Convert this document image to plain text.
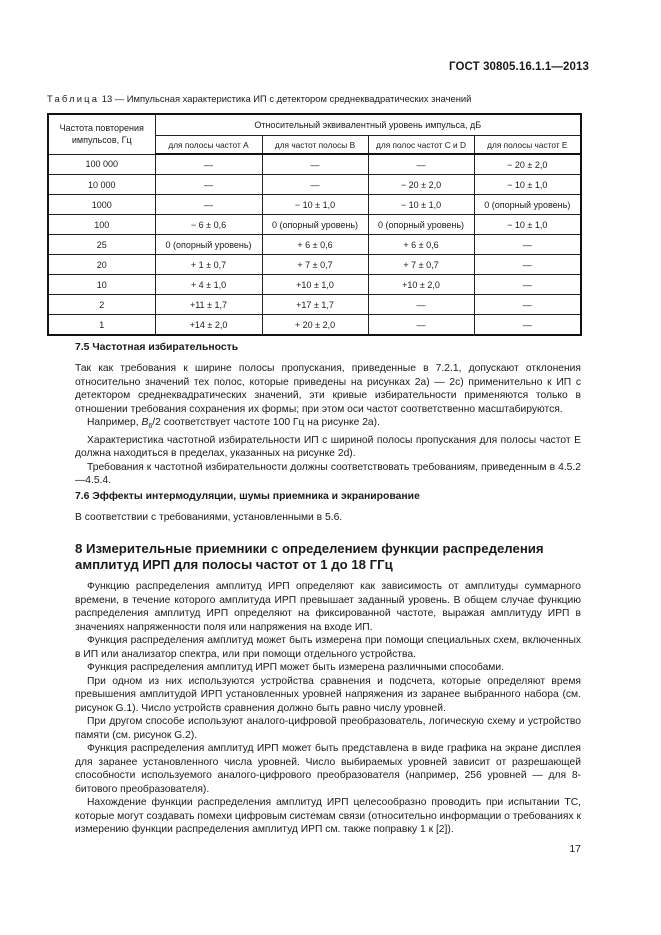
ГОСТ 30805.16.1.1—2013
Таблица 13 — Импульсная характеристика ИП с детектором среднеквадратических значений
Частота повторения импульсов, Гц	Относительный эквивалентный уровень импульса, дБ			
	для полосы частот А	для частот полосы В	для полос частот С и D	для полосы частот Е
100 000	—	—	—	− 20 ± 2,0
10 000	—	—	− 20 ± 2,0	− 10 ± 1,0
1000	—	− 10 ± 1,0	− 10 ± 1,0	0 (опорный уровень)
100	− 6 ± 0,6	0 (опорный уровень)	0 (опорный уровень)	− 10 ± 1,0
25	0 (опорный уровень)	+ 6 ± 0,6	+ 6 ± 0,6	—
20	+ 1 ± 0,7	+ 7 ± 0,7	+ 7 ± 0,7	—
10	+ 4 ± 1,0	+10 ± 1,0	+10 ± 2,0	—
2	+11 ± 1,7	+17 ± 1,7	—	—
1	+14 ± 2,0	+ 20 ± 2,0	—	—
7.5 Частотная избирательность

Так как требования к ширине полосы пропускания, приведенные в 7.2.1, допускают отклонения относительно значений тех полос, которые приведены на рисунках 2а) — 2с) применительно к ИП с детектором среднеквадратических значений, эти кривые избирательности применяются только в отношении требования сохранения их формы; при этом оси частот соответственно масштабируются.

Например, $B_6/2$ соответствует частоте 100 Гц на рисунке 2а).

Характеристика частотной избирательности ИП с шириной полосы пропускания для полосы частот Е должна находиться в пределах, указанных на рисунке 2d).

Требования к частотной избирательности должны соответствовать требованиям, приведенным в 4.5.2—4.5.4.

7.6 Эффекты интермодуляции, шумы приемника и экранирование

В соответствии с требованиями, установленными в 5.6.

8 Измерительные приемники с определением функции распределения амплитуд ИРП для полосы частот от 1 до 18 ГГц

Функцию распределения амплитуд ИРП определяют как зависимость от амплитуды суммарного времени, в течение которого амплитуда ИРП превышает заданный уровень. В общем случае функцию распределения амплитуд ИРП определяют на фиксированной частоте, выражая амплитуду ИРП в значениях напряженности поля или напряжения на входе ИП.

Функция распределения амплитуд может быть измерена при помощи специальных схем, включенных в ИП или анализатор спектра, или при помощи отдельного устройства.

Функция распределения амплитуд ИРП может быть измерена различными способами.

При одном из них используются устройства сравнения и подсчета, которые определяют время превышения амплитудой ИРП установленных уровней напряжения из заранее выбранного набора (см. рисунок G.1). Число устройств сравнения должно быть равно числу уровней.

При другом способе используют аналого-цифровой преобразователь, логическую схему и устройство памяти (см. рисунок G.2).

Функция распределения амплитуд ИРП может быть представлена в виде графика на экране дисплея для заранее установленного числа уровней. Число выбираемых уровней зависит от разрешающей способности используемого аналого-цифрового преобразователя (например, 256 уровней — для 8-битового преобразователя).

Нахождение функции распределения амплитуд ИРП целесообразно проводить при испытании ТС, которые могут создавать помехи цифровым системам связи (относительно информации о требованиях к измерению функции распределения амплитуд ИРП см. также поправку 1 к [2]).

17
